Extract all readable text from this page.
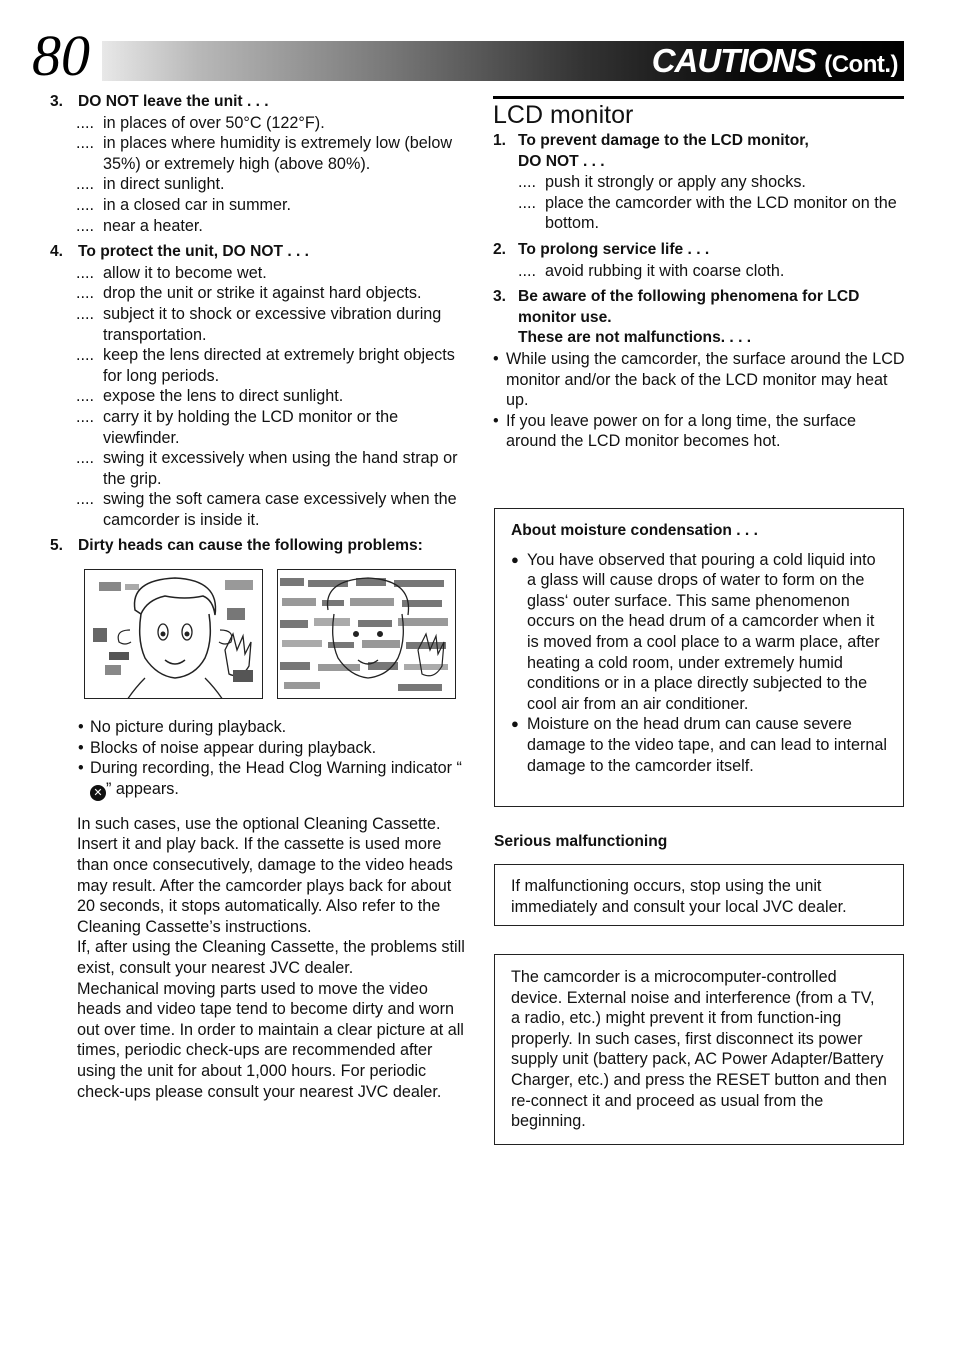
80	CAUTIONS (Cont.)
3. DO NOT leave the unit . . .
.... in places of over 50°C (122°F).
.... in places where humidity is extremely low (below 35%) or extremely high (above 80%).
.... in direct sunlight.
.... in a closed car in summer.
.... near a heater.
4. To protect the unit, DO NOT . . .
.... allow it to become wet.
.... drop the unit or strike it against hard objects.
.... subject it to shock or excessive vibration during transportation.
.... keep the lens directed at extremely bright objects for long periods.
.... expose the lens to direct sunlight.
.... carry it by holding the LCD monitor or the viewfinder.
.... swing it excessively when using the hand strap or the grip.
.... swing the soft camera case excessively when the camcorder is inside it.
5. Dirty heads can cause the following problems:
• No picture during playback.
• Blocks of noise appear during playback.
• During recording, the Head Clog Warning indicator “✕ ” appears.
In such cases, use the optional Cleaning Cassette. Insert it and play back. If the cassette is used more than once consecutively, damage to the video heads may result. After the camcorder plays back for about 20 seconds, it stops automatically. Also refer to the Cleaning Cassette’s instructions.
If, after using the Cleaning Cassette, the problems still exist, consult your nearest JVC dealer.
Mechanical moving parts used to move the video heads and video tape tend to become dirty and worn out over time. In order to maintain a clear picture at all times, periodic check-ups are recommended after using the unit for about 1,000 hours. For periodic check-ups please consult your nearest JVC dealer.
LCD monitor
1. To prevent damage to the LCD monitor,
DO NOT . . .
.... push it strongly or apply any shocks.
.... place the camcorder with the LCD monitor on the bottom.
2. To prolong service life . . .
.... avoid rubbing it with coarse cloth.
3. Be aware of the following phenomena for LCD
monitor use.
These are not malfunctions. . . .
• While using the camcorder, the surface around the LCD monitor and/or the back of the LCD monitor may heat up.
• If you leave power on for a long time, the surface around the LCD monitor becomes hot.
About moisture condensation . . .
● You have observed that pouring a cold liquid into a glass will cause drops of water to form on the glass‘ outer surface. This same phenomenon occurs on the head drum of a camcorder when it is moved from a cool place to a warm place, after heating a cold room, under extremely humid conditions or in a place directly subjected to the cool air from an air conditioner.
● Moisture on the head drum can cause severe damage to the video tape, and can lead to internal damage to the camcorder itself.
Serious malfunctioning
If malfunctioning occurs, stop using the unit immediately and consult your local JVC dealer.
The camcorder is a microcomputer-controlled device. External noise and interference (from a TV, a radio, etc.) might prevent it from function-ing properly. In such cases, first disconnect its power supply unit (battery pack, AC Power Adapter/Battery Charger, etc.) and press the RESET button and then re-connect it and proceed as usual from the beginning.
